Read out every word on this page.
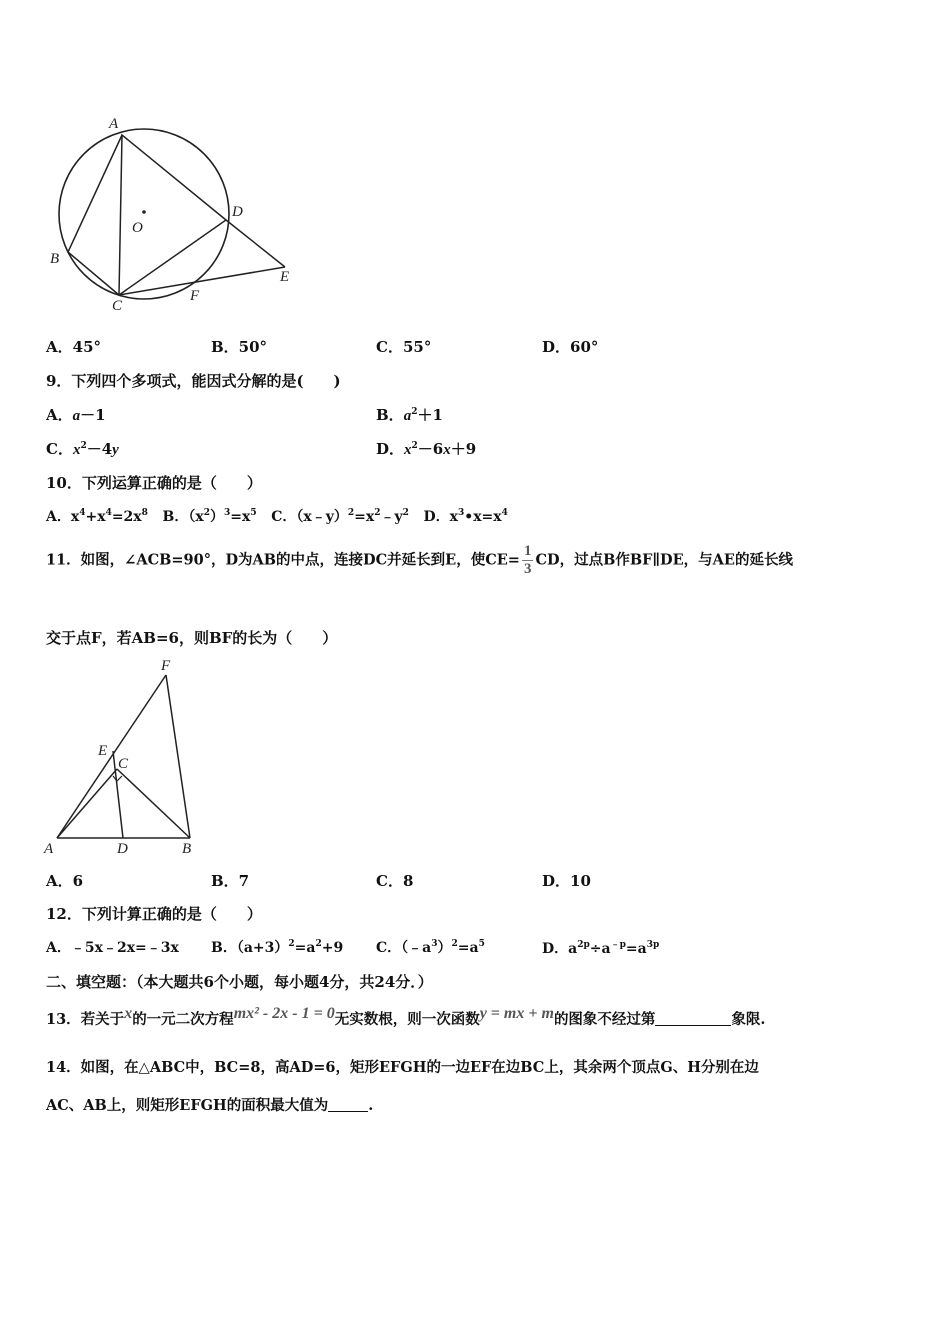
A
B
C
D
E
F
O
A．45°	B．50°	C．55°	D．60°
9．下列四个多项式，能因式分解的是(　　)
A．a－1	B．$a^2+1$
C．$x^2-4y$	D．$x^2-6x+9$
10．下列运算正确的是（　　）
A．$x^4+x^4=2x^8$ B．$(x^2)^3=x^5$ C．$(x﹣y)^2=x^2﹣y^2$ D．$x^3•x=x^4$
11．如图，∠ACB=90°，D为AB的中点，连接DC并延长到E，使$CE= \frac{1}{3}$ CD，过点B作BF∥DE，与AE的延长线
交于点F，若AB=6，则BF的长为（　　）
F
E
C
A	D	B
A．6	B．7	C．8	D．10
12．下列计算正确的是（　　）
A．﹣5x﹣2x=﹣3x B．$(a+3)^2=a^2+9$ C．$(﹣a^3)^2=a^5$	D．$a^{2p}\div a^{﹣p}=a^{3p}$
二、填空题：（本大题共6个小题，每小题4分，共24分．）
13．若关于x的一元二次方程mx² - 2x - 1 = 0无实数根，则一次函数y = mx + m的图象不经过第	象限.
14．如图，在△ABC中，BC=8，高AD=6，矩形EFGH的一边EF在边BC上，其余两个顶点G、H分别在边
AC、AB上，则矩形EFGH的面积最大值为	.
